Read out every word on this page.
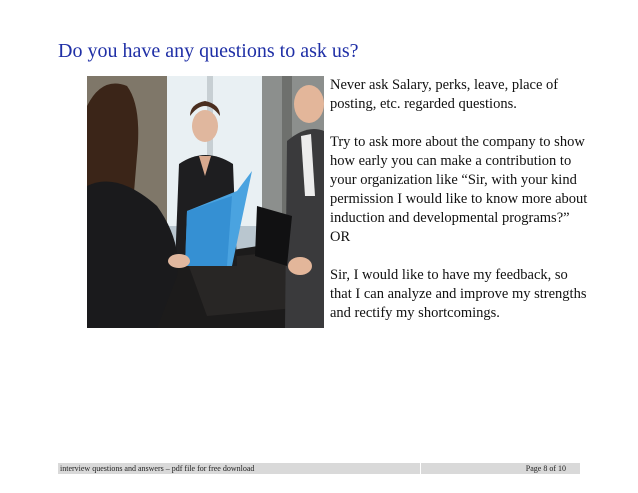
Do you have any questions to ask us?

Never ask Salary, perks, leave, place of posting, etc. regarded questions.

Try to ask more about the company to show how early you can make a contribution to your organization like “Sir, with your kind permission I would like to know more about induction and developmental programs?”

OR

Sir, I would like to have my feedback, so that I can analyze and improve my strengths and rectify my shortcomings.

interview questions and answers – pdf file for free download	Page 8 of 10
